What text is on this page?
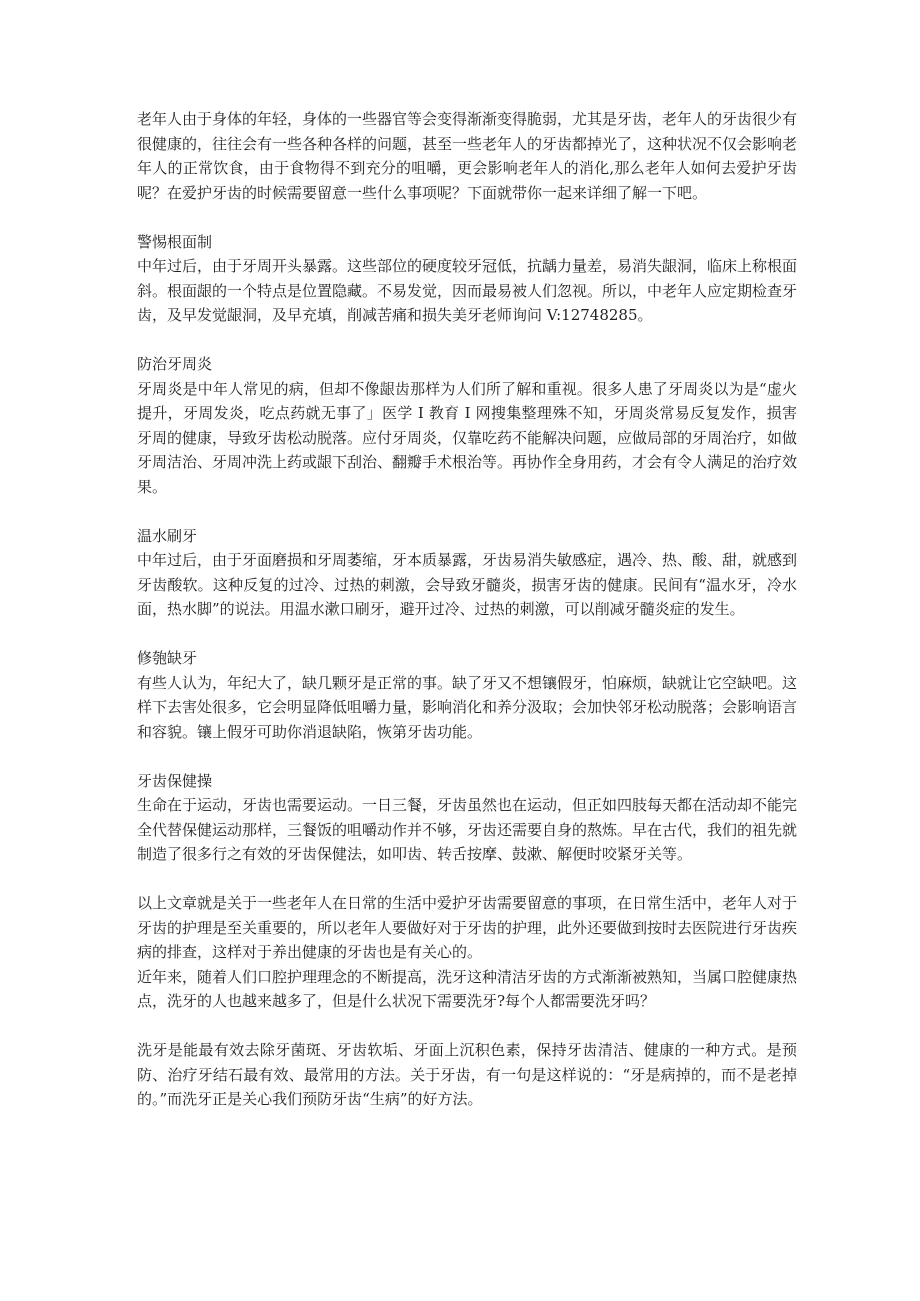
老年人由于身体的年轻，身体的一些器官等会变得渐渐变得脆弱，尤其是牙齿，老年人的牙齿很少有很健康的，往往会有一些各种各样的问题，甚至一些老年人的牙齿都掉光了，这种状况不仅会影响老年人的正常饮食，由于食物得不到充分的咀嚼，更会影响老年人的消化,那么老年人如何去爱护牙齿呢？在爱护牙齿的时候需要留意一些什么事项呢？下面就带你一起来详细了解一下吧。

警惕根面制

中年过后，由于牙周开头暴露。这些部位的硬度较牙冠低，抗龋力量差，易消失龈洞，临床上称根面斜。根面龈的一个特点是位置隐藏。不易发觉，因而最易被人们忽视。所以，中老年人应定期检查牙齿，及早发觉龈洞，及早充填，削减苦痛和损失美牙老师询问 V:12748285。

防治牙周炎

牙周炎是中年人常见的病，但却不像龈齿那样为人们所了解和重视。很多人患了牙周炎以为是“虚火提升，牙周发炎，吃点药就无事了」医学 I 教育 I 网搜集整理殊不知，牙周炎常易反复发作，损害牙周的健康，导致牙齿松动脱落。应付牙周炎，仅靠吃药不能解决问题，应做局部的牙周治疗，如做牙周洁治、牙周冲洗上药或龈下刮治、翻瓣手术根治等。再协作全身用药，才会有令人满足的治疗效果。

温水刷牙

中年过后，由于牙面磨损和牙周萎缩，牙本质暴露，牙齿易消失敏感症，遇冷、热、酸、甜，就感到牙齿酸软。这种反复的过冷、过热的刺激，会导致牙髓炎，损害牙齿的健康。民间有“温水牙，冷水面，热水脚”的说法。用温水漱口刷牙，避开过冷、过热的刺激，可以削减牙髓炎症的发生。

修匏缺牙

有些人认为，年纪大了，缺几颗牙是正常的事。缺了牙又不想镶假牙，怕麻烦，缺就让它空缺吧。这样下去害处很多，它会明显降低咀嚼力量，影响消化和养分汲取；会加快邻牙松动脱落；会影响语言和容貌。镶上假牙可助你消退缺陷，恢第牙齿功能。

牙齿保健操

生命在于运动，牙齿也需要运动。一日三餐，牙齿虽然也在运动，但正如四肢每天都在活动却不能完全代替保健运动那样，三餐饭的咀嚼动作并不够，牙齿还需要自身的熬炼。早在古代，我们的祖先就制造了很多行之有效的牙齿保健法，如叩齿、转舌按摩、鼓漱、解便时咬紧牙关等。

以上文章就是关于一些老年人在日常的生活中爱护牙齿需要留意的事项，在日常生活中，老年人对于牙齿的护理是至关重要的，所以老年人要做好对于牙齿的护理，此外还要做到按时去医院进行牙齿疾病的排查，这样对于养出健康的牙齿也是有关心的。

近年来，随着人们口腔护理理念的不断提高，洗牙这种清洁牙齿的方式渐渐被熟知，当属口腔健康热点，洗牙的人也越来越多了，但是什么状况下需要洗牙?每个人都需要洗牙吗？

洗牙是能最有效去除牙菌斑、牙齿软垢、牙面上沉积色素，保持牙齿清洁、健康的一种方式。是预防、治疗牙结石最有效、最常用的方法。关于牙齿，有一句是这样说的：“牙是病掉的，而不是老掉的。”而洗牙正是关心我们预防牙齿“生病”的好方法。
